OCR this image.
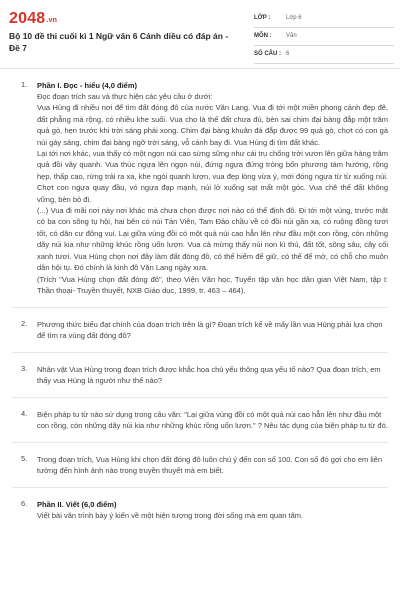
2048.vn
Bộ 10 đề thi cuối kì 1 Ngữ văn 6 Cánh diều có đáp án - Đề 7
LỚP :	Lớp 6
MÔN : Văn
SỐ CÂU : 6
1. Phần I. Đọc - hiểu (4,0 điểm)

Đọc đoạn trích sau và thực hiện các yêu cầu ở dưới:

Vua Hùng đi nhiều nơi để tìm đất đóng đô của nước Văn Lang. Vua đi tới một miền phong cảnh đẹp đẽ, đất phẳng mà rộng, có nhiều khe suối. Vua cho là thế đất chưa đủ, bèn sai chim đại bàng đắp một trăm quả gò, hẹn trước khi trời sáng phải xong. Chim đại bàng khuân đá đắp được 99 quả gò, chợt có con gà núi gáy sáng, chim đại bàng ngỡ trời sáng, vỗ cánh bay đi. Vua Hùng đi tìm đất khác.

Lại tới nơi khác, vua thấy có một ngọn núi cao sừng sững như cái trụ chống trời vươn lên giữa hàng trăm quả đồi vây quanh. Vua thúc ngựa lên ngọn núi, đứng ngựa đứng tròng bốn phương tám hướng, rộng hẹp, thấp cao, rừng trải ra xa, khe ngòi quanh lượn, vua đẹp lòng vừa ý, mới đóng ngựa từ từ xuống núi. Chợt con ngựa quay đầu, vó ngựa đạp mạnh, núi lở xuống sạt mất một góc. Vua chê thế đất không vững, bèn bỏ đi.

(...) Vua đi mãi nơi này nơi khác mà chưa chọn được nơi nào có thế định đô. Đi tới một vùng, trước mặt có ba con sông tụ hội, hai bên có núi Tản Viên, Tam Đảo chầu về có đồi núi gần xa, có ruộng đồng tươi tốt, có dân cư đông vui. Lại giữa vùng đồi có một quả núi cao hẳn lên như đầu một con rồng, còn những dãy núi kia như những khúc rồng uốn lượn. Vua cả mừng thấy núi non kì thú, đất tốt, sông sâu, cây cối xanh tươi. Vua Hùng chọn nơi đây làm đất đóng đô, có thế hiểm để giữ, có thế để mở, có chỗ cho muôn dân hội tụ. Đó chính là kinh đô Văn Lang ngày xưa.

(Trích "Vua Hùng chọn đất đóng đô", theo Viện Văn học, Tuyển tập văn học dân gian Việt Nam, tập I: Thần thoại- Truyền thuyết, NXB Giáo dục, 1999, tr. 463 – 464).

2. Phương thức biểu đạt chính của đoạn trích trên là gì? Đoạn trích kể về mấy lần vua Hùng phải lựa chọn để tìm ra vùng đất đóng đô?
3. Nhân vật Vua Hùng trong đoạn trích được khắc họa chủ yếu thông qua yếu tố nào? Qua đoạn trích, em thấy vua Hùng là người như thế nào?
4. Biện pháp tu từ nào sử dụng trong câu văn: "Lại giữa vùng đồi có một quả núi cao hẳn lên như đầu một con rồng, còn những dãy núi kia như những khúc rồng uốn lượn." ? Nêu tác dụng của biện pháp tu từ đó.
5. Trong đoạn trích, Vua Hùng khi chọn đất đóng đô luôn chú ý đến con số 100. Con số đó gợi cho em liên tưởng đến hình ảnh nào trong truyền thuyết mà em biết.
6. Phần II. Viết (6,0 điểm)
Viết bài văn trình bày ý kiến về một hiện tượng trong đời sống mà em quan tâm.
